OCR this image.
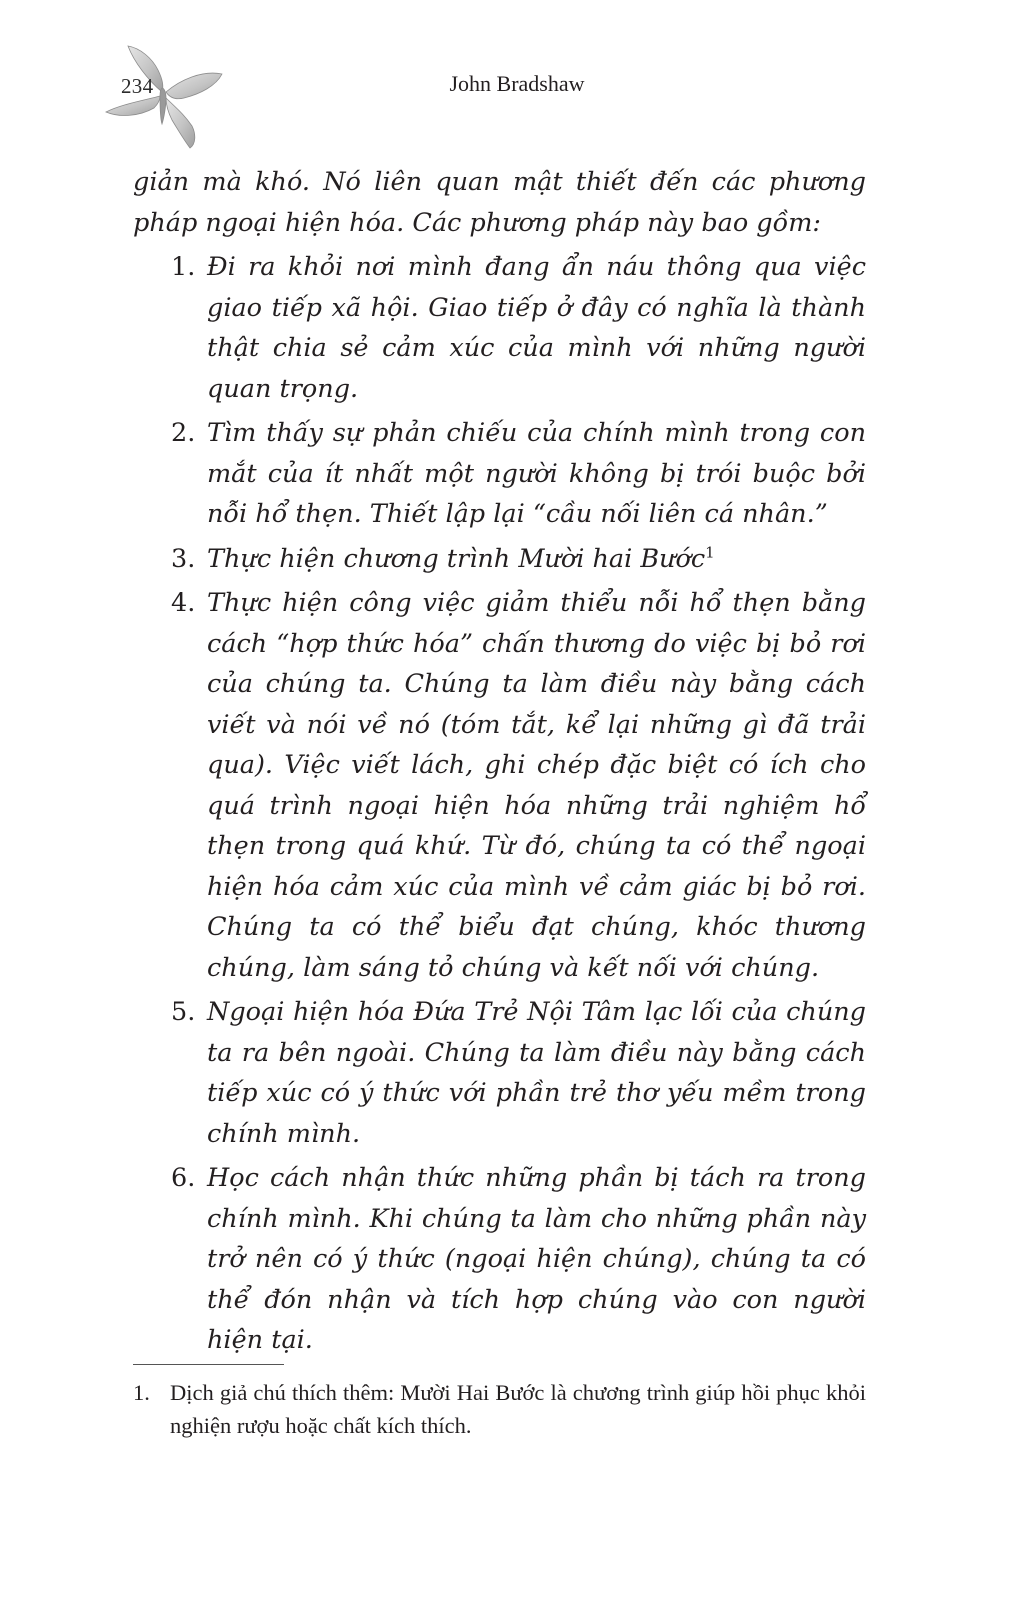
234	John Bradshaw

giản mà khó. Nó liên quan mật thiết đến các phương pháp ngoại hiện hóa. Các phương pháp này bao gồm:

1. Đi ra khỏi nơi mình đang ẩn náu thông qua việc giao tiếp xã hội. Giao tiếp ở đây có nghĩa là thành thật chia sẻ cảm xúc của mình với những người quan trọng.
2. Tìm thấy sự phản chiếu của chính mình trong con mắt của ít nhất một người không bị trói buộc bởi nỗi hổ thẹn. Thiết lập lại “cầu nối liên cá nhân.”
3. Thực hiện chương trình Mười hai Bước$^1$
4. Thực hiện công việc giảm thiểu nỗi hổ thẹn bằng cách “hợp thức hóa” chấn thương do việc bị bỏ rơi của chúng ta. Chúng ta làm điều này bằng cách viết và nói về nó (tóm tắt, kể lại những gì đã trải qua). Việc viết lách, ghi chép đặc biệt có ích cho quá trình ngoại hiện hóa những trải nghiệm hổ thẹn trong quá khứ. Từ đó, chúng ta có thể ngoại hiện hóa cảm xúc của mình về cảm giác bị bỏ rơi. Chúng ta có thể biểu đạt chúng, khóc thương chúng, làm sáng tỏ chúng và kết nối với chúng.
5. Ngoại hiện hóa Đứa Trẻ Nội Tâm lạc lối của chúng ta ra bên ngoài. Chúng ta làm điều này bằng cách tiếp xúc có ý thức với phần trẻ thơ yếu mềm trong chính mình.
6. Học cách nhận thức những phần bị tách ra trong chính mình. Khi chúng ta làm cho những phần này trở nên có ý thức (ngoại hiện chúng), chúng ta có thể đón nhận và tích hợp chúng vào con người hiện tại.
1. Dịch giả chú thích thêm: Mười Hai Bước là chương trình giúp hồi phục khỏi nghiện rượu hoặc chất kích thích.
